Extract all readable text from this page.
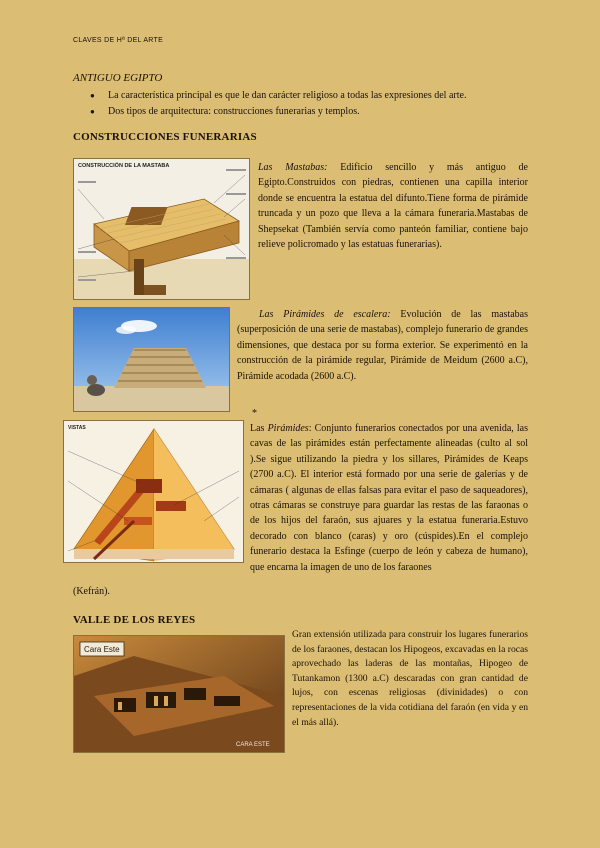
CLAVES DE Hª DEL ARTE
ANTIGUO EGIPTO
● La característica principal es que le dan carácter religioso a todas las expresiones del arte.
● Dos tipos de arquitectura: construcciones funerarias y templos.
CONSTRUCCIONES FUNERARIAS
CONSTRUCCIÓN DE LA MASTABA	Las Mastabas: Edificio sencillo y más antiguo de Egipto.Construidos con piedras, contienen una capilla interior donde se encuentra la estatua del difunto.Tiene forma de pirámide truncada y un pozo que lleva a la cámara funeraria.Mastabas de Shepsekat (También servía como panteón familiar, contiene bajo relieve policromado y las estatuas funerarias).
Las Pirámides de escalera: Evolución de las mastabas (superposición de una serie de mastabas), complejo funerario de grandes dimensiones, que destaca por su forma exterior. Se experimentó en la construcción de la pirámide regular, Pirámide de Meidum (2600 a.C), Pirámide acodada (2600 a.C).
VISTAS
*
Las Pirámides: Conjunto funerarios conectados por una avenida, las cavas de las pirámides están perfectamente alineadas (culto al sol ).Se sigue utilizando la piedra y los sillares, Pirámides de Keaps (2700 a.C). El interior está formado por una serie de galerías y de cámaras ( algunas de ellas falsas para evitar el paso de saqueadores), otras cámaras se construye para guardar las restas de las faraonas o de los hijos del faraón, sus ajuares y la estatua funeraria.Estuvo decorado con blanco (caras) y oro (cúspides).En el complejo funerario destaca la Esfinge (cuerpo de león y cabeza de humano), que encarna la imagen de uno de los faraones
(Kefrán).
VALLE DE LOS REYES
Cara Este
CARA ESTE
Gran extensión utilizada para construir los lugares funerarios de los faraones, destacan los Hipogeos, excavadas en la rocas aprovechado las laderas de las montañas, Hipogeo de Tutankamon (1300 a.C) descaradas con gran cantidad de lujos, con escenas religiosas (divinidades) o con representaciones de la vida cotidiana del faraón (en vida y en el más allá).
